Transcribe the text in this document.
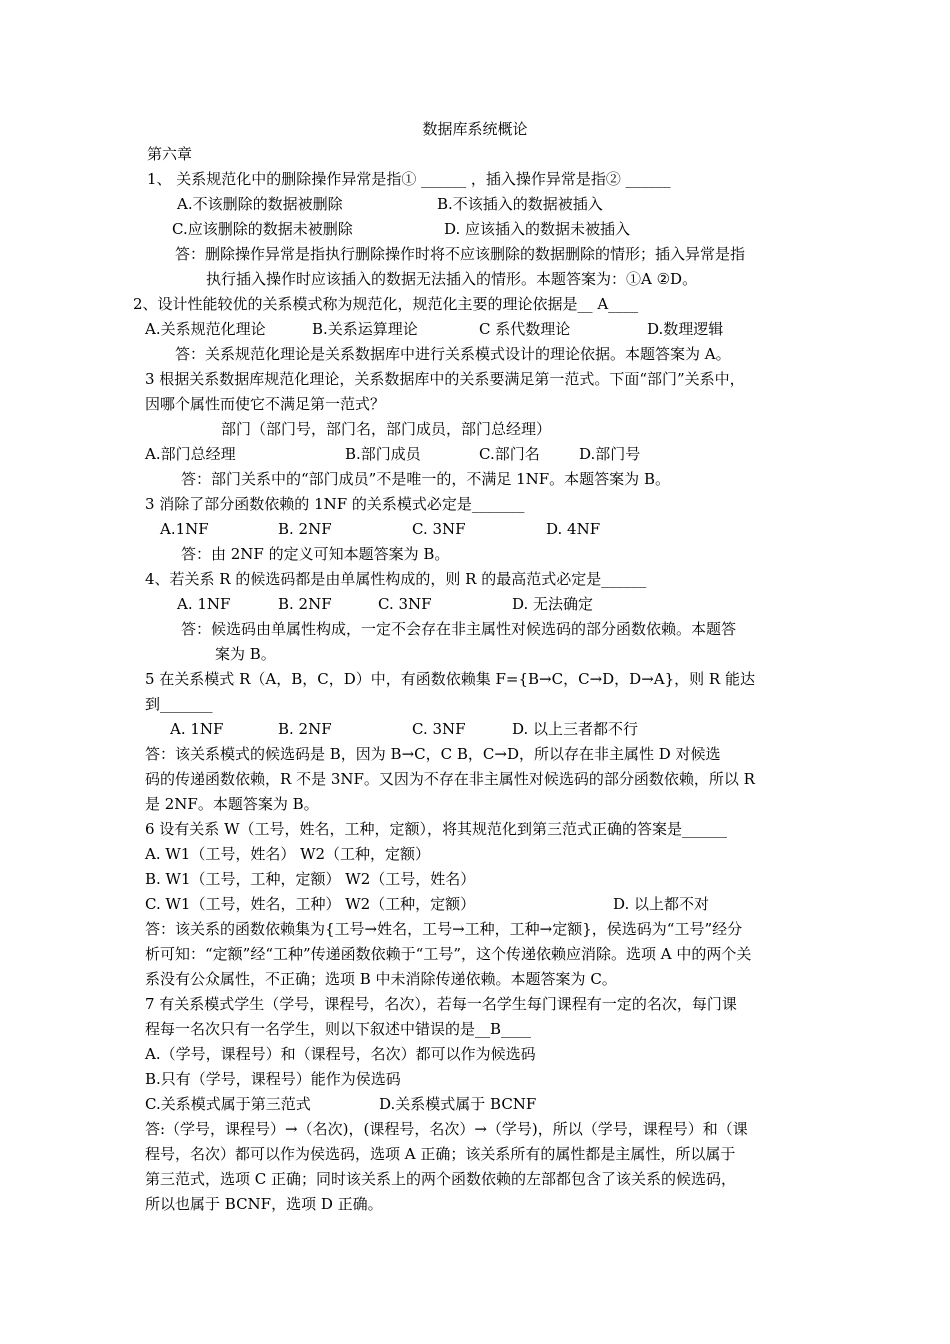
数据库系统概论
第六章
1、 关系规范化中的删除操作异常是指① ______ ，插入操作异常是指② ______
A.不该删除的数据被删除	B.不该插入的数据被插入
C.应该删除的数据未被删除	D. 应该插入的数据未被插入
答：删除操作异常是指执行删除操作时将不应该删除的数据删除的情形；插入异常是指
执行插入操作时应该插入的数据无法插入的情形。本题答案为：①A ②D。
2、设计性能较优的关系模式称为规范化，规范化主要的理论依据是__ A____
A.关系规范化理论	B.关系运算理论	C 系代数理论	D.数理逻辑
答：关系规范化理论是关系数据库中进行关系模式设计的理论依据。本题答案为 A。
3 根据关系数据库规范化理论，关系数据库中的关系要满足第一范式。下面“部门”关系中，
因哪个属性而使它不满足第一范式？
部门（部门号，部门名，部门成员，部门总经理）
A.部门总经理	B.部门成员	C.部门名	D.部门号
答：部门关系中的“部门成员”不是唯一的，不满足 1NF。本题答案为 B。
3 消除了部分函数依赖的 1NF 的关系模式必定是_______
A.1NF	B. 2NF	C. 3NF	D. 4NF
答：由 2NF 的定义可知本题答案为 B。
4、若关系 R 的候选码都是由单属性构成的，则 R 的最高范式必定是______
A. 1NF	B. 2NF	C. 3NF	D. 无法确定
答：候选码由单属性构成，一定不会存在非主属性对候选码的部分函数依赖。本题答
案为 B。
5 在关系模式 R（A，B，C，D）中，有函数依赖集 F={B→C，C→D，D→A}，则 R 能达
到_______
A. 1NF	B. 2NF	C. 3NF	D. 以上三者都不行
答：该关系模式的候选码是 B，因为 B→C，C B，C→D，所以存在非主属性 D 对候选
码的传递函数依赖，R 不是 3NF。又因为不存在非主属性对候选码的部分函数依赖，所以 R
是 2NF。本题答案为 B。
6 设有关系 W（工号，姓名，工种，定额），将其规范化到第三范式正确的答案是______
A. W1（工号，姓名） W2（工种，定额）
B. W1（工号，工种，定额） W2（工号，姓名）
C. W1（工号，姓名，工种） W2（工种，定额）	D. 以上都不对
答：该关系的函数依赖集为{工号→姓名，工号→工种，工种→定额}，侯选码为“工号”经分
析可知：“定额”经“工种”传递函数依赖于“工号”，这个传递依赖应消除。选项 A 中的两个关
系没有公众属性，不正确；选项 B 中未消除传递依赖。本题答案为 C。
7 有关系模式学生（学号，课程号，名次），若每一名学生每门课程有一定的名次，每门课
程每一名次只有一名学生，则以下叙述中错误的是__B____
A.（学号，课程号）和（课程号，名次）都可以作为候选码
B.只有（学号，课程号）能作为侯选码
C.关系模式属于第三范式	D.关系模式属于 BCNF
答:（学号，课程号）→（名次)，(课程号，名次）→（学号)，所以（学号，课程号）和（课
程号，名次）都可以作为侯选码，选项 A 正确；该关系所有的属性都是主属性，所以属于
第三范式，选项 C 正确；同时该关系上的两个函数依赖的左部都包含了该关系的候选码，
所以也属于 BCNF，选项 D 正确。
